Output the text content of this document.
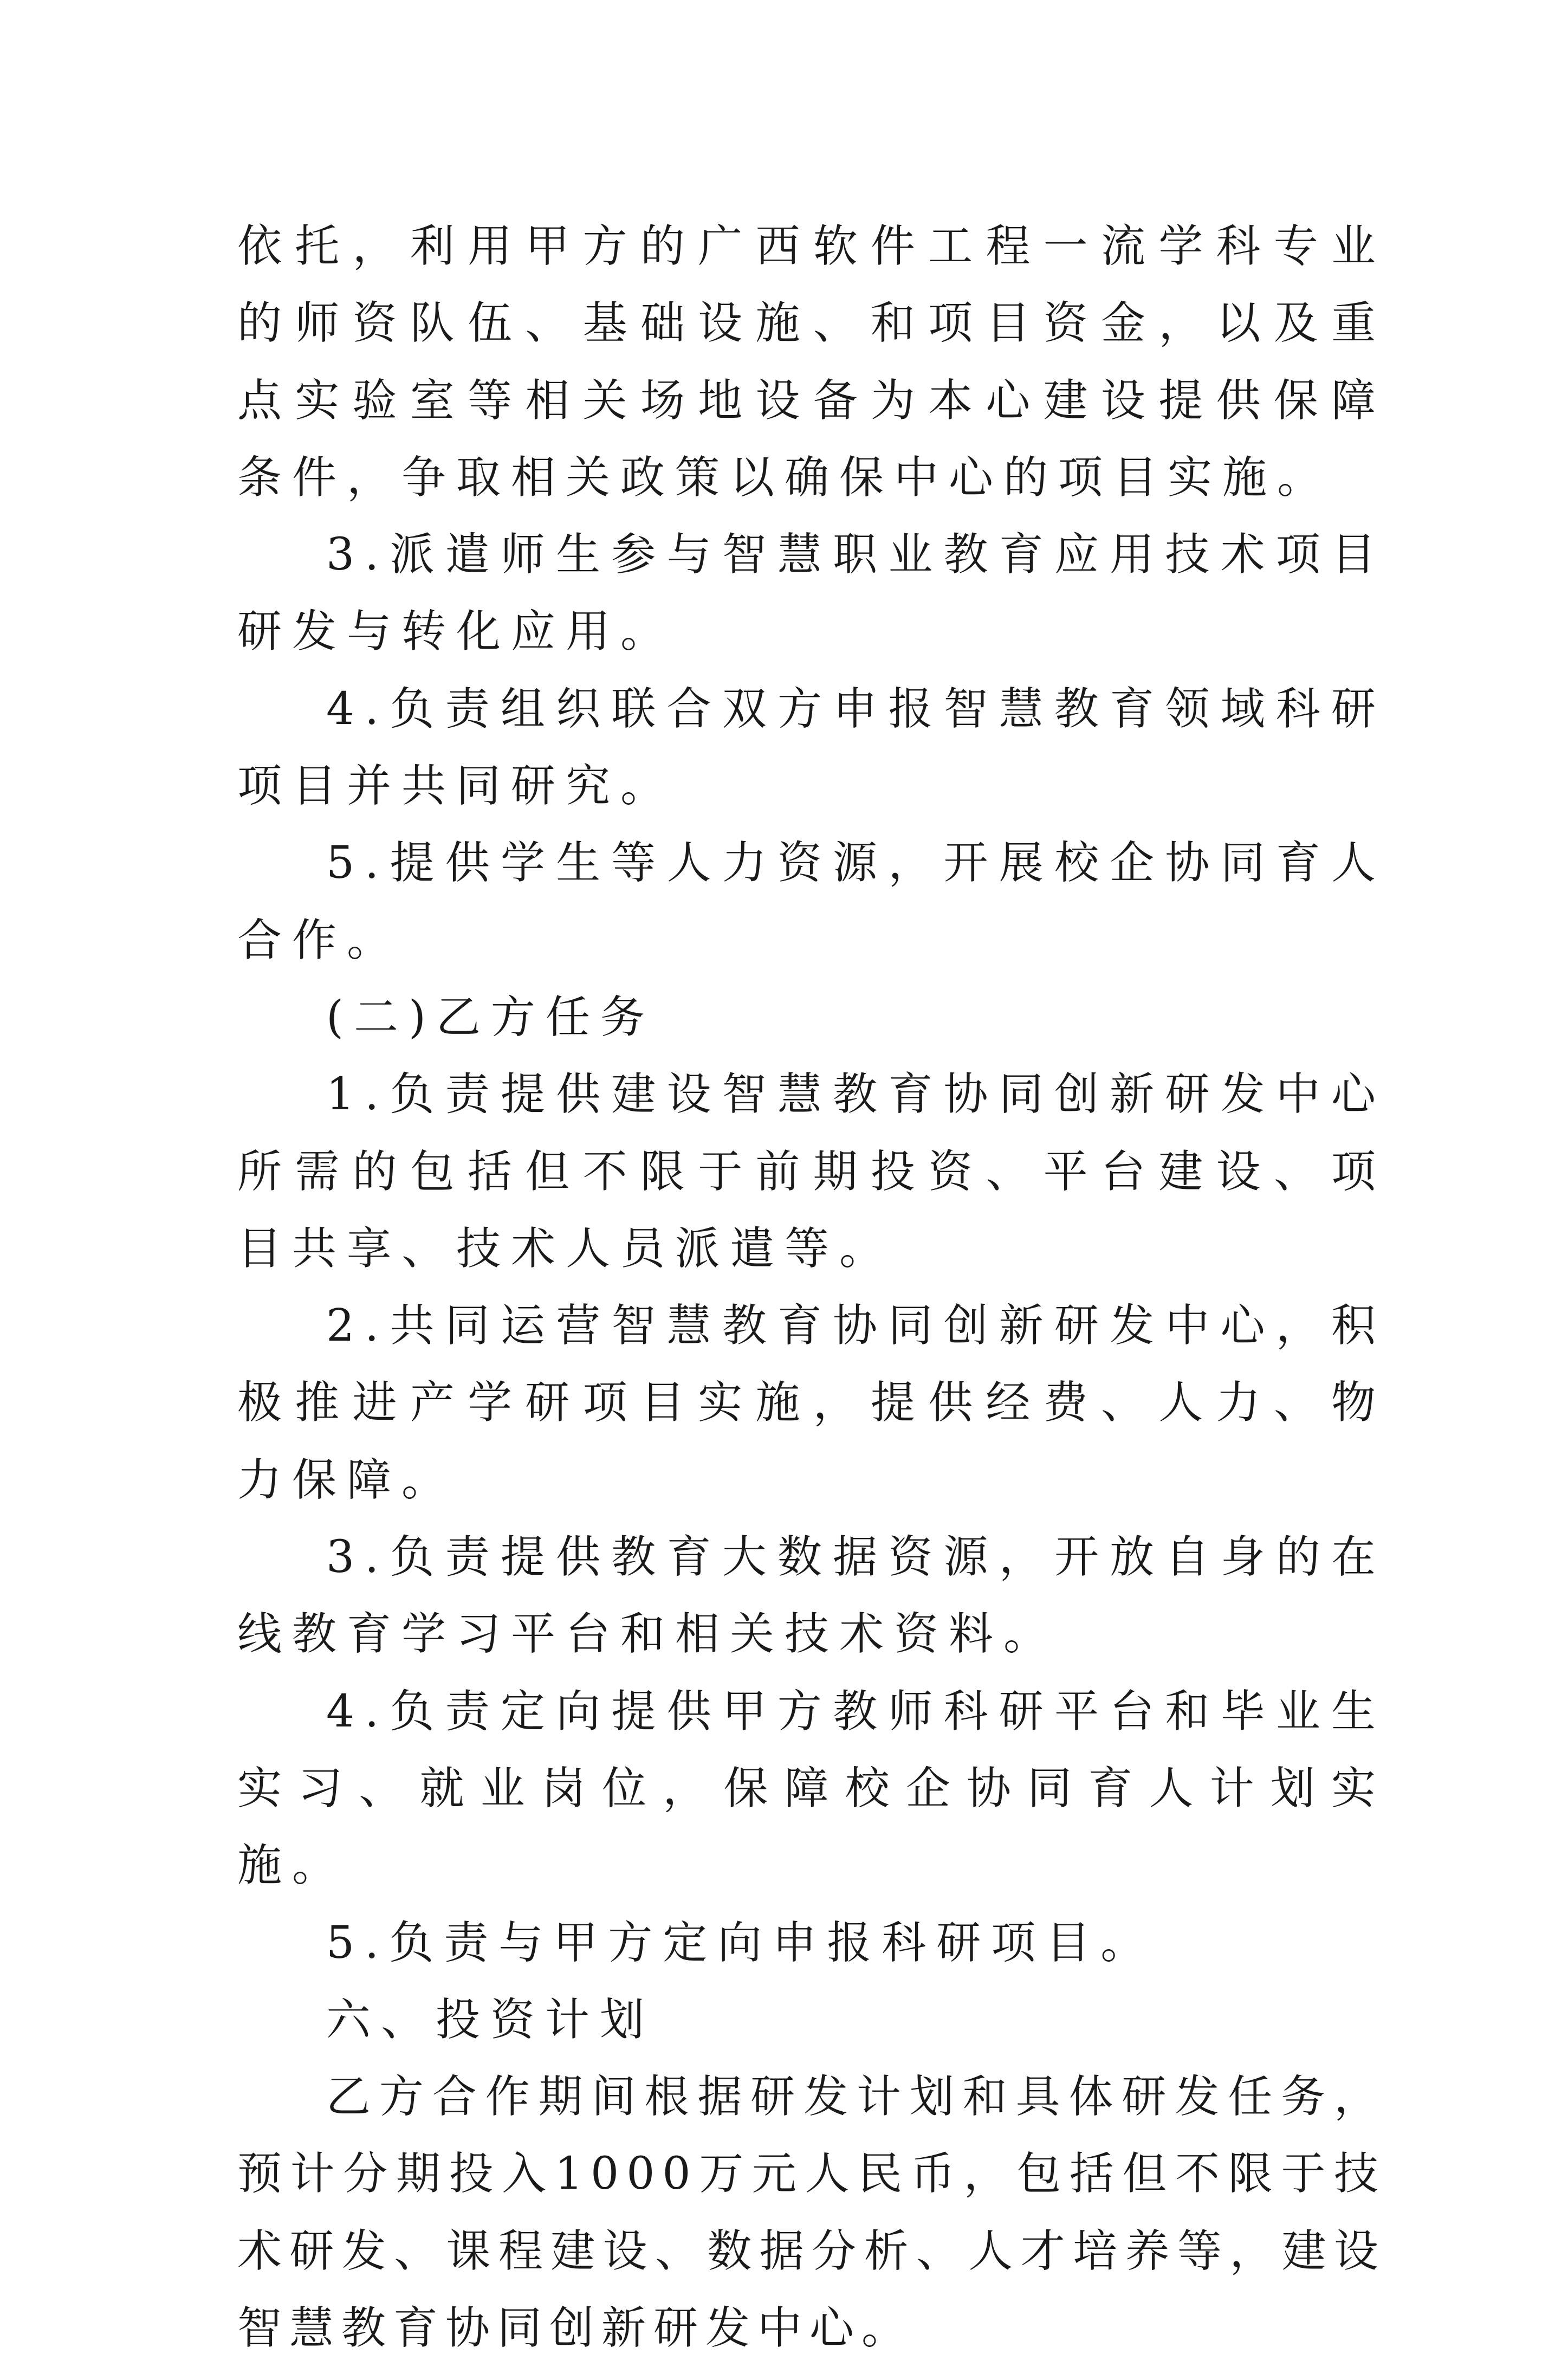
依托，利用甲方的广西软件工程一流学科专业的师资队伍、基础设施、和项目资金，以及重点实验室等相关场地设备为本心建设提供保障条件，争取相关政策以确保中心的项目实施。

3.派遣师生参与智慧职业教育应用技术项目研发与转化应用。

4.负责组织联合双方申报智慧教育领域科研项目并共同研究。

5.提供学生等人力资源，开展校企协同育人合作。

(二)乙方任务

1.负责提供建设智慧教育协同创新研发中心所需的包括但不限于前期投资、平台建设、项目共享、技术人员派遣等。

2.共同运营智慧教育协同创新研发中心，积极推进产学研项目实施，提供经费、人力、物力保障。

3.负责提供教育大数据资源，开放自身的在线教育学习平台和相关技术资料。

4.负责定向提供甲方教师科研平台和毕业生实习、就业岗位，保障校企协同育人计划实施。

5.负责与甲方定向申报科研项目。

六、投资计划

乙方合作期间根据研发计划和具体研发任务，预计分期投入1000万元人民币，包括但不限于技术研发、课程建设、数据分析、人才培养等，建设智慧教育协同创新研发中心。
